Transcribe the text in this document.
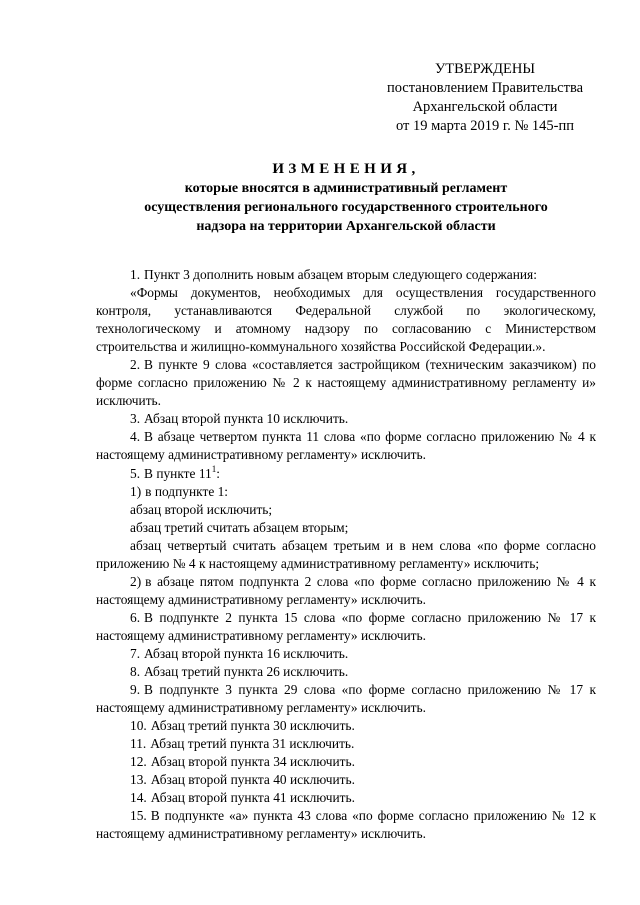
УТВЕРЖДЕНЫ
постановлением Правительства
Архангельской области
от 19 марта 2019 г. № 145-пп
ИЗМЕНЕНИЯ,
которые вносятся в административный регламент
осуществления регионального государственного строительного
надзора на территории Архангельской области

1. Пункт 3 дополнить новым абзацем вторым следующего содержания:

«Формы документов, необходимых для осуществления государственного контроля, устанавливаются Федеральной службой по экологическому, технологическому и атомному надзору по согласованию с Министерством строительства и жилищно-коммунального хозяйства Российской Федерации.».

2. В пункте 9 слова «составляется застройщиком (техническим заказчиком) по форме согласно приложению № 2 к настоящему административному регламенту и» исключить.

3. Абзац второй пункта 10 исключить.

4. В абзаце четвертом пункта 11 слова «по форме согласно приложению № 4 к настоящему административному регламенту» исключить.

5. В пункте $11^1$:

1) в подпункте 1:

абзац второй исключить;

абзац третий считать абзацем вторым;

абзац четвертый считать абзацем третьим и в нем слова «по форме согласно приложению № 4 к настоящему административному регламенту» исключить;

2) в абзаце пятом подпункта 2 слова «по форме согласно приложению № 4 к настоящему административному регламенту» исключить.

6. В подпункте 2 пункта 15 слова «по форме согласно приложению № 17 к настоящему административному регламенту» исключить.

7. Абзац второй пункта 16 исключить.

8. Абзац третий пункта 26 исключить.

9. В подпункте 3 пункта 29 слова «по форме согласно приложению № 17 к настоящему административному регламенту» исключить.

10. Абзац третий пункта 30 исключить.

11. Абзац третий пункта 31 исключить.

12. Абзац второй пункта 34 исключить.

13. Абзац второй пункта 40 исключить.

14. Абзац второй пункта 41 исключить.

15. В подпункте «а» пункта 43 слова «по форме согласно приложению № 12 к настоящему административному регламенту» исключить.
